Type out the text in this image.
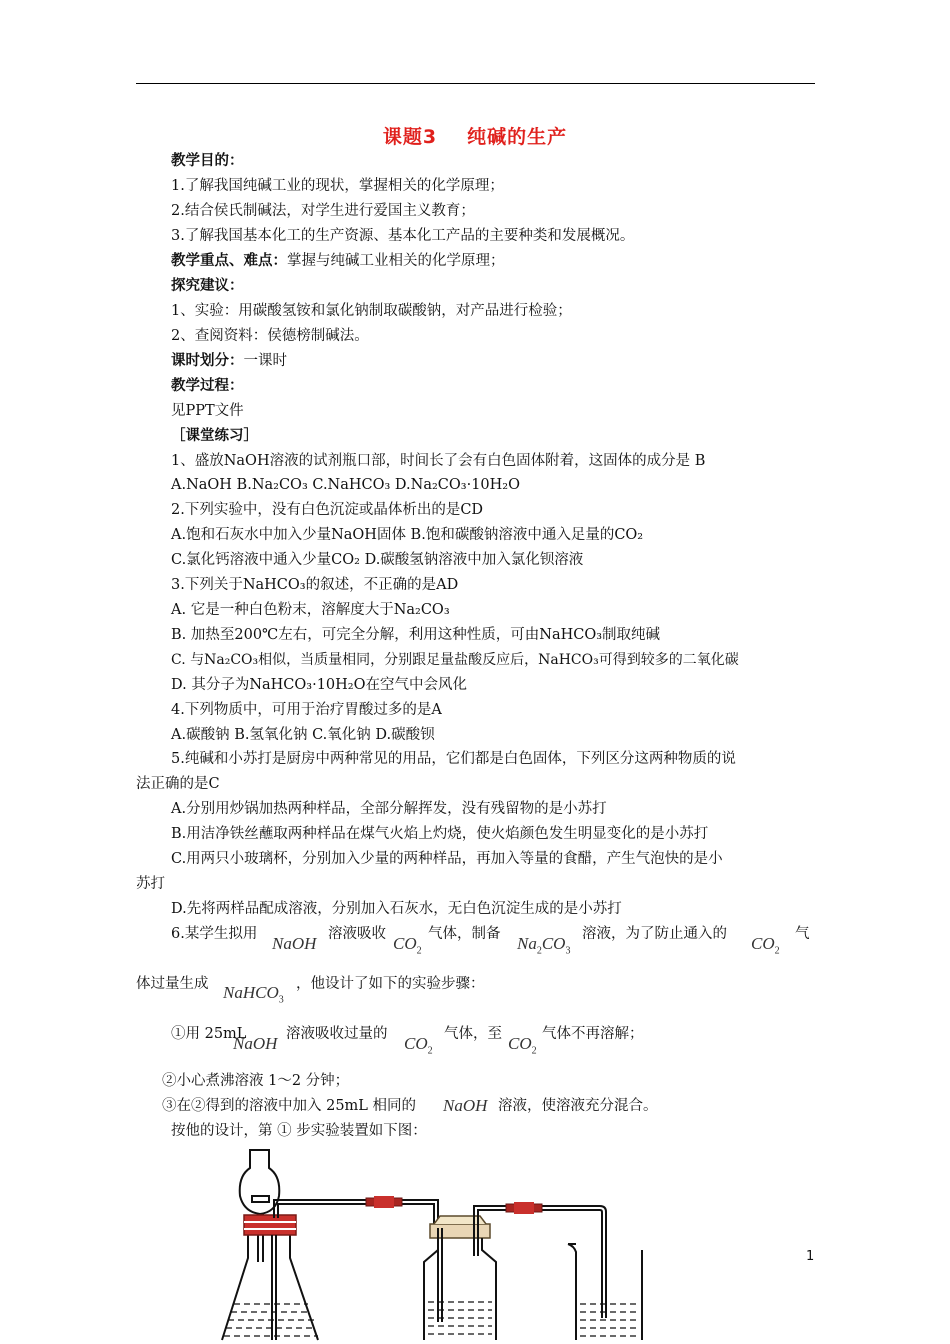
课题3 纯碱的生产
教学目的：
1.了解我国纯碱工业的现状，掌握相关的化学原理；
2.结合侯氏制碱法，对学生进行爱国主义教育；
3.了解我国基本化工的生产资源、基本化工产品的主要种类和发展概况。
教学重点、难点：掌握与纯碱工业相关的化学原理；
探究建议：
1、实验：用碳酸氢铵和氯化钠制取碳酸钠，对产品进行检验；
2、查阅资料：侯德榜制碱法。
课时划分：一课时
教学过程：
见PPT文件
［课堂练习］
1、盛放NaOH溶液的试剂瓶口部，时间长了会有白色固体附着，这固体的成分是 B
A.NaOH B.Na₂CO₃ C.NaHCO₃ D.Na₂CO₃·10H₂O
2.下列实验中，没有白色沉淀或晶体析出的是CD
A.饱和石灰水中加入少量NaOH固体 B.饱和碳酸钠溶液中通入足量的CO₂
C.氯化钙溶液中通入少量CO₂ D.碳酸氢钠溶液中加入氯化钡溶液
3.下列关于NaHCO₃的叙述，不正确的是AD
A. 它是一种白色粉末，溶解度大于Na₂CO₃
B. 加热至200℃左右，可完全分解，利用这种性质，可由NaHCO₃制取纯碱
C. 与Na₂CO₃相似，当质量相同，分别跟足量盐酸反应后，NaHCO₃可得到较多的二氧化碳
D. 其分子为NaHCO₃·10H₂O在空气中会风化
4.下列物质中，可用于治疗胃酸过多的是A
A.碳酸钠 B.氢氧化钠 C.氧化钠 D.碳酸钡
5.纯碱和小苏打是厨房中两种常见的用品，它们都是白色固体，下列区分这两种物质的说
法正确的是C
A.分别用炒锅加热两种样品，全部分解挥发，没有残留物的是小苏打
B.用洁净铁丝蘸取两种样品在煤气火焰上灼烧，使火焰颜色发生明显变化的是小苏打
C.用两只小玻璃杯，分别加入少量的两种样品，再加入等量的食醋，产生气泡快的是小
苏打
D.先将两样品配成溶液，分别加入石灰水，无白色沉淀生成的是小苏打
6.某学生拟用 NaOH 溶液吸收 $CO_2$
气体，制备 $Na_2CO_3$
溶液，为了防止通入的 $CO_2$
气
体过量生成 NaHCO$_3$
，他设计了如下的实验步骤：
①用 25mL
NaOH 溶液吸收过量的 $CO_2$
气体，至 $CO_2$
气体不再溶解；
②小心煮沸溶液 1～2 分钟；
③在②得到的溶液中加入 25mL 相同的 NaOH 溶液，使溶液充分混合。
按他的设计，第 ① 步实验装置如下图：
1
